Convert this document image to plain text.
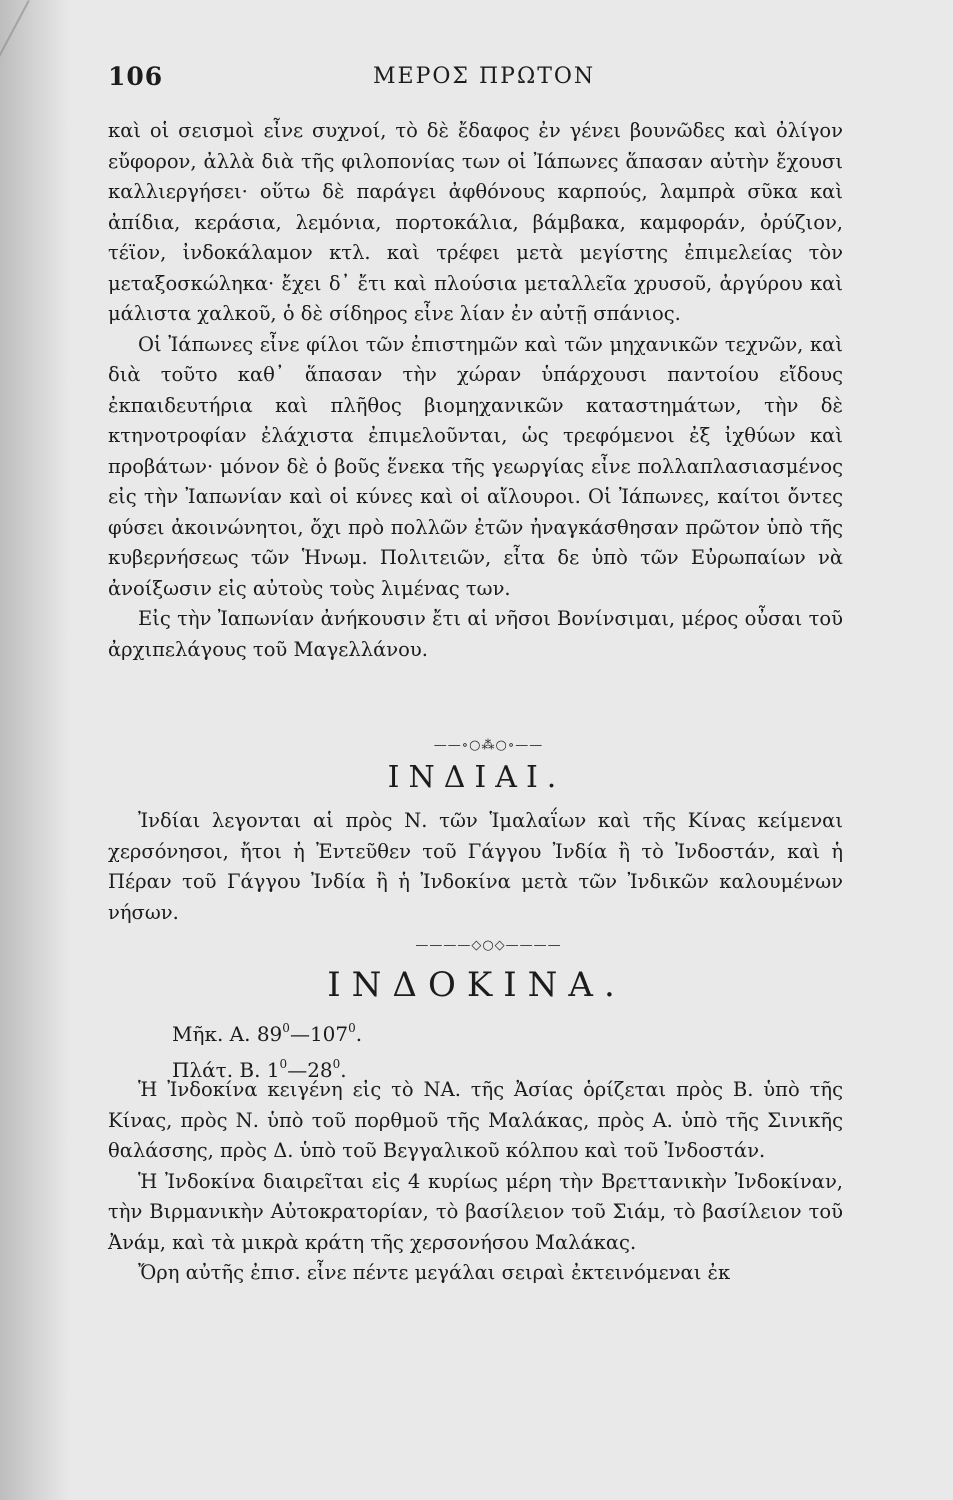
106	ΜΕΡΟΣ ΠΡΩΤΟΝ

καὶ οἱ σεισμοὶ εἶνε συχνοί, τὸ δὲ ἔδαφος ἐν γένει βουνῶδες καὶ ὀλίγον εὔφορον, ἀλλὰ διὰ τῆς φιλοπονίας των οἱ Ἰάπωνες ἅπασαν αὐτὴν ἔχουσι καλλιεργήσει· οὕτω δὲ παράγει ἀφθόνους καρπούς, λαμπρὰ σῦκα καὶ ἀπίδια, κεράσια, λεμόνια, πορτοκάλια, βάμβακα, καμφοράν, ὀρύζιον, τέϊον, ἰνδοκάλαμον κτλ. καὶ τρέφει μετὰ μεγίστης ἐπιμελείας τὸν μεταξοσκώληκα· ἔχει δ᾽ ἔτι καὶ πλούσια μεταλλεῖα χρυσοῦ, ἀργύρου καὶ μάλιστα χαλκοῦ, ὁ δὲ σίδηρος εἶνε λίαν ἐν αὐτῇ σπάνιος.

Οἱ Ἰάπωνες εἶνε φίλοι τῶν ἐπιστημῶν καὶ τῶν μηχανικῶν τεχνῶν, καὶ διὰ τοῦτο καθ᾽ ἅπασαν τὴν χώραν ὑπάρχουσι παντοίου εἴδους ἐκπαιδευτήρια καὶ πλῆθος βιομηχανικῶν καταστημάτων, τὴν δὲ κτηνοτροφίαν ἐλάχιστα ἐπιμελοῦνται, ὡς τρεφόμενοι ἐξ ἰχθύων καὶ προβάτων· μόνον δὲ ὁ βοῦς ἕνεκα τῆς γεωργίας εἶνε πολλαπλασιασμένος εἰς τὴν Ἰαπωνίαν καὶ οἱ κύνες καὶ οἱ αἴλουροι. Οἱ Ἰάπωνες, καίτοι ὄντες φύσει ἀκοινώνητοι, ὄχι πρὸ πολλῶν ἐτῶν ἠναγκάσθησαν πρῶτον ὑπὸ τῆς κυβερνήσεως τῶν Ἡνωμ. Πολιτειῶν, εἶτα δε ὑπὸ τῶν Εὐρωπαίων νὰ ἀνοίξωσιν εἰς αὐτοὺς τοὺς λιμένας των.

Εἰς τὴν Ἰαπωνίαν ἀνήκουσιν ἔτι αἱ νῆσοι Βονίνσιμαι, μέρος οὖσαι τοῦ ἀρχιπελάγους τοῦ Μαγελλάνου.

——∘○⁂○∘——
ΙΝΔΙΑΙ.

Ἰνδίαι λεγονται αἱ πρὸς Ν. τῶν Ἱμαλαΐων καὶ τῆς Κίνας κείμεναι χερσόνησοι, ἤτοι ἡ Ἐντεῦθεν τοῦ Γάγγου Ἰνδία ἢ τὸ Ἰνδοστάν, καὶ ἡ Πέραν τοῦ Γάγγου Ἰνδία ἢ ἡ Ἰνδοκίνα μετὰ τῶν Ἰνδικῶν καλουμένων νήσων.

————◇○◇————
ΙΝΔΟΚΙΝΑ.
Μῆκ. Α. $89^0—107^0$.
Πλάτ. Β. $1^0—28^0$.

Ἡ Ἰνδοκίνα κειγένη εἰς τὸ ΝΑ. τῆς Ἀσίας ὁρίζεται πρὸς Β. ὑπὸ τῆς Κίνας, πρὸς Ν. ὑπὸ τοῦ πορθμοῦ τῆς Μαλάκας, πρὸς Α. ὑπὸ τῆς Σινικῆς θαλάσσης, πρὸς Δ. ὑπὸ τοῦ Βεγγαλικοῦ κόλπου καὶ τοῦ Ἰνδοστάν.

Ἡ Ἰνδοκίνα διαιρεῖται εἰς 4 κυρίως μέρη τὴν Βρεττανικὴν Ἰνδοκίναν, τὴν Βιρμανικὴν Αὐτοκρατορίαν, τὸ βασίλειον τοῦ Σιάμ, τὸ βασίλειον τοῦ Ἀνάμ, καὶ τὰ μικρὰ κράτη τῆς χερσονήσου Μαλάκας.

Ὄρη αὐτῆς ἐπισ. εἶνε πέντε μεγάλαι σειραὶ ἐκτεινόμεναι ἐκ
